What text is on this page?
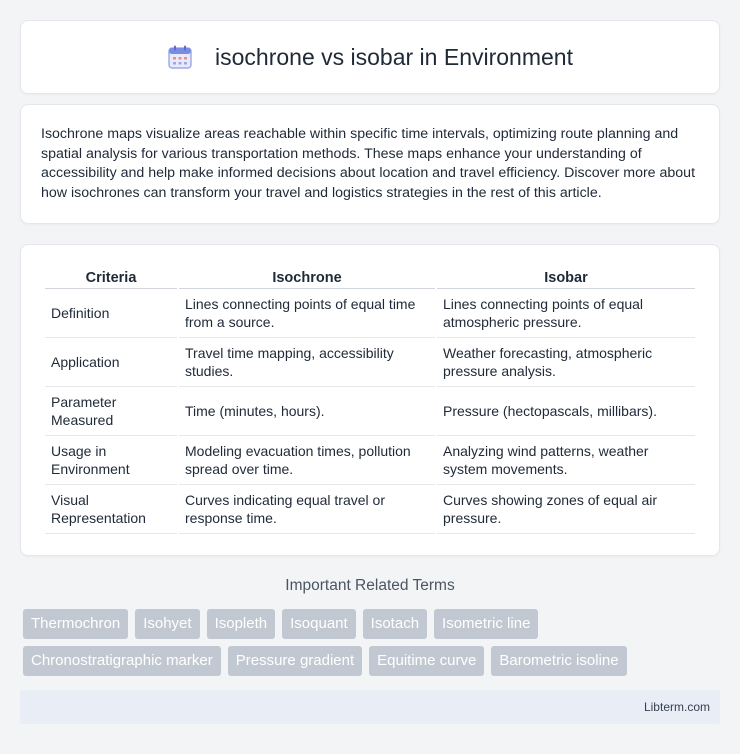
isochrone vs isobar in Environment

Isochrone maps visualize areas reachable within specific time intervals, optimizing route planning and spatial analysis for various transportation methods. These maps enhance your understanding of accessibility and help make informed decisions about location and travel efficiency. Discover more about how isochrones can transform your travel and logistics strategies in the rest of this article.

Criteria	Isochrone	Isobar
Definition	Lines connecting points of equal time from a source.	Lines connecting points of equal atmospheric pressure.
Application	Travel time mapping, accessibility studies.	Weather forecasting, atmospheric pressure analysis.
Parameter Measured	Time (minutes, hours).	Pressure (hectopascals, millibars).
Usage in Environment	Modeling evacuation times, pollution spread over time.	Analyzing wind patterns, weather system movements.
Visual Representation	Curves indicating equal travel or response time.	Curves showing zones of equal air pressure.
Important Related Terms
Thermochron	Isohyet	Isopleth	Isoquant	Isotach	Isometric line
Chronostratigraphic marker	Pressure gradient	Equitime curve	Barometric isoline
Libterm.com
